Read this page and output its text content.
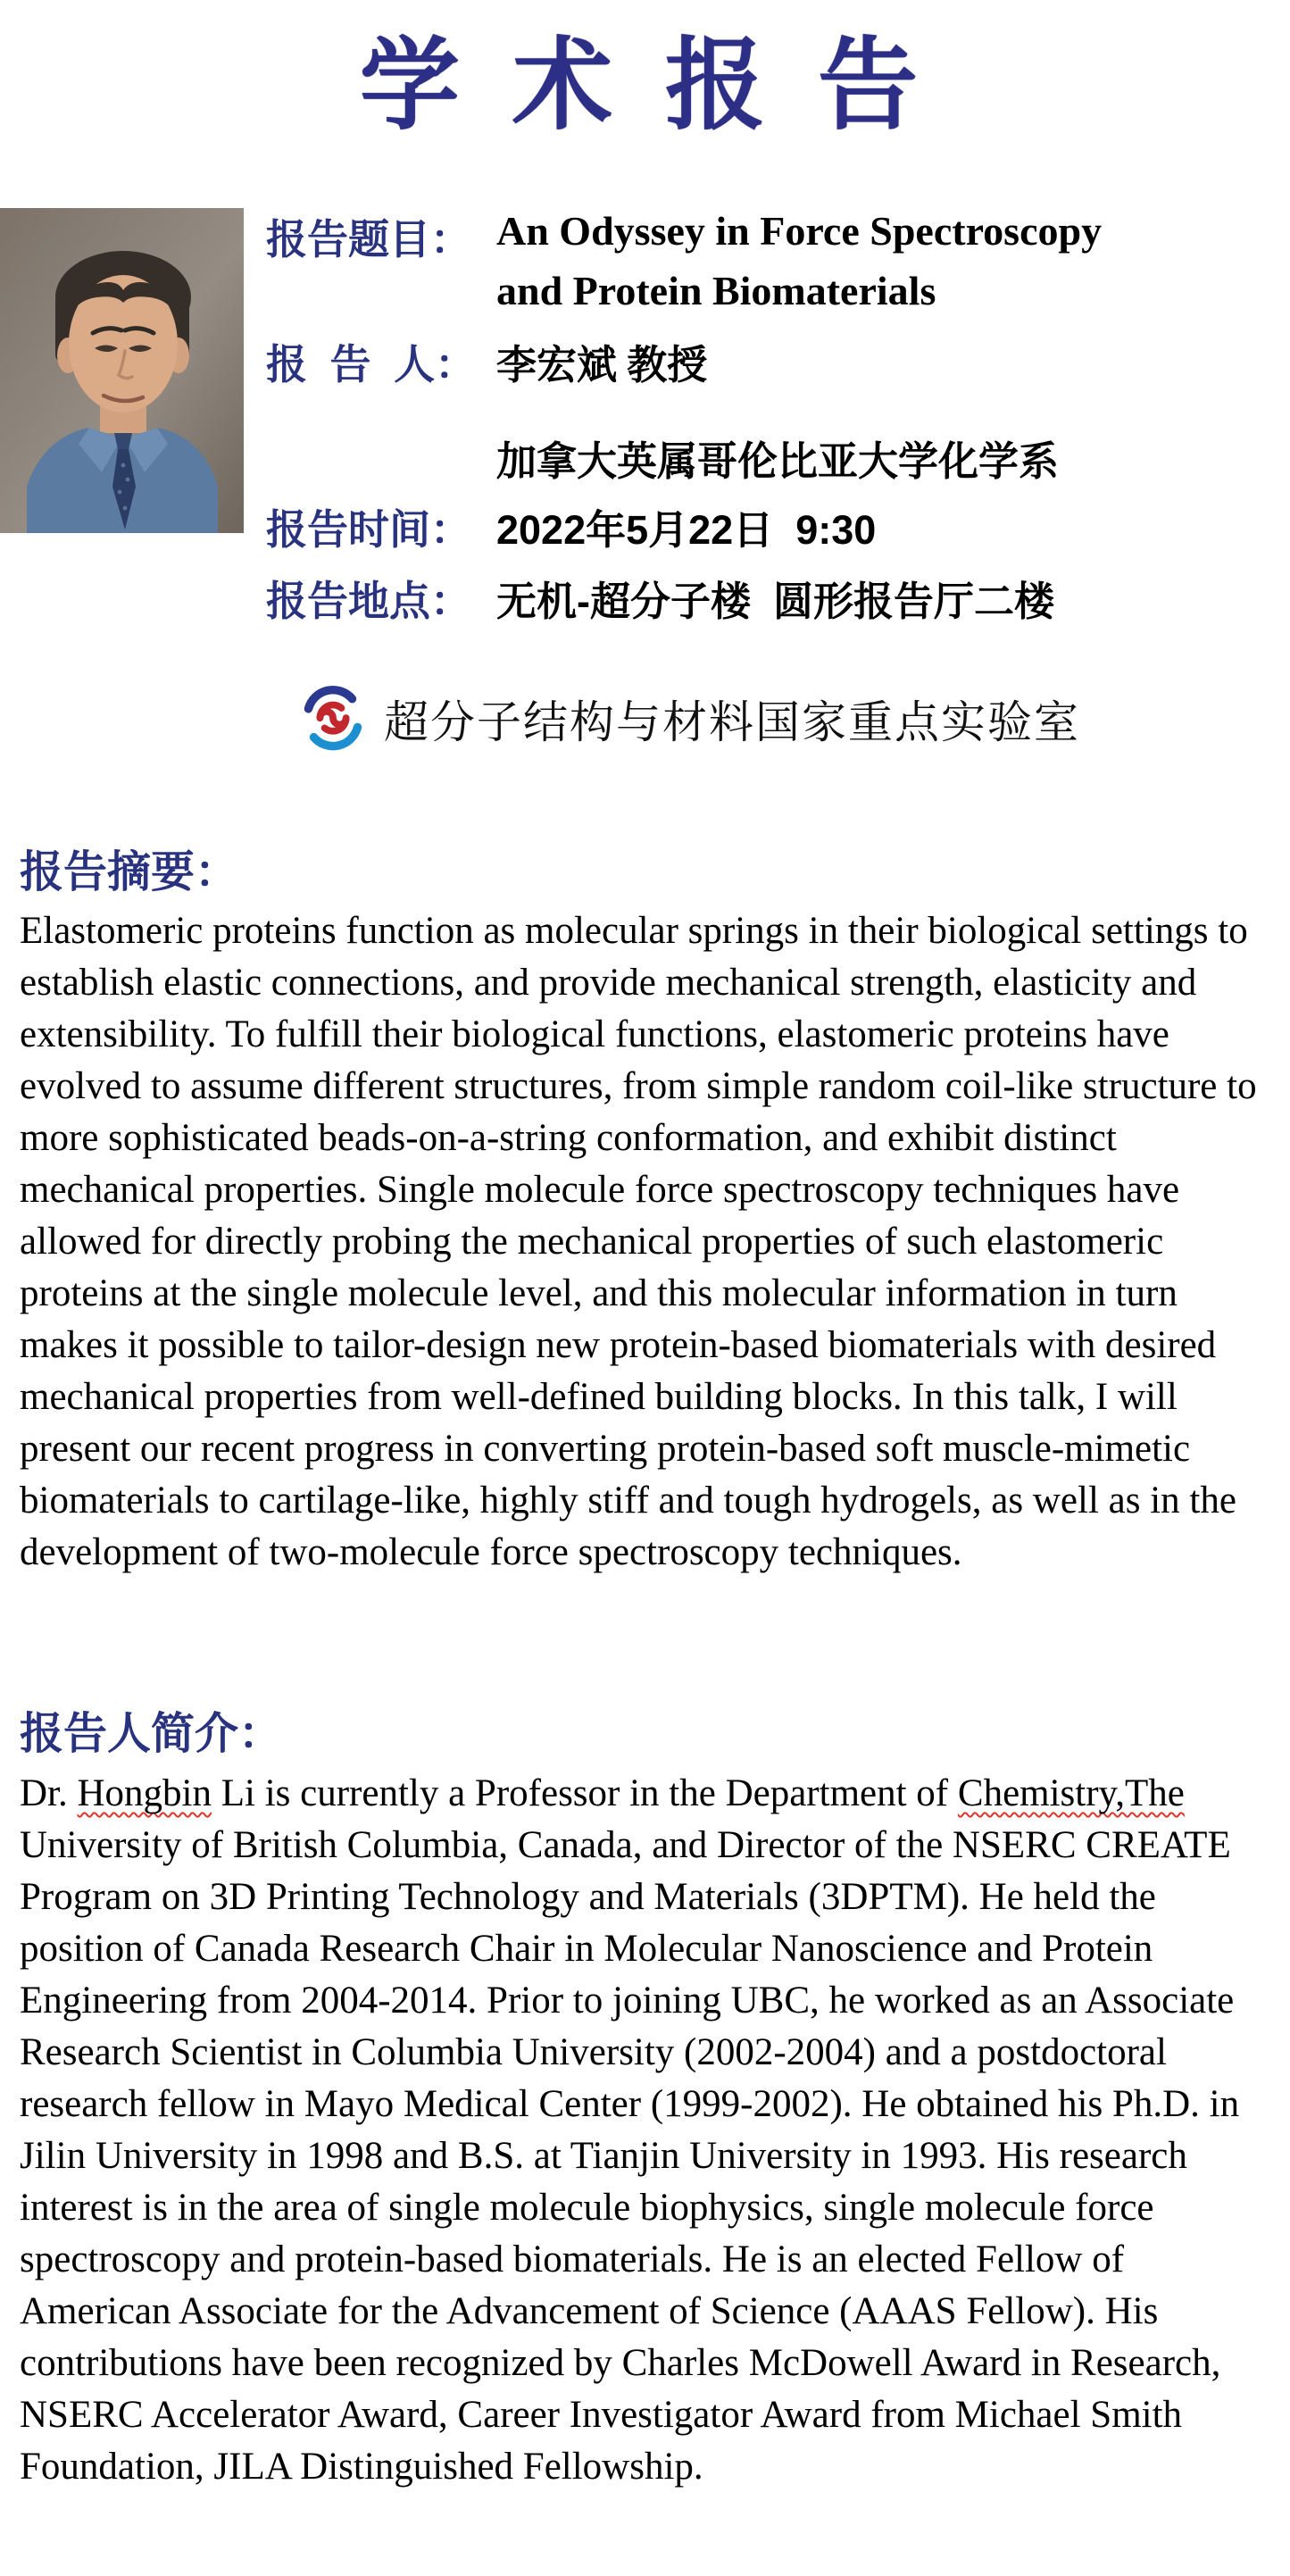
学 术 报 告
报告题目： An Odyssey in Force Spectroscopy
and Protein Biomaterials
报  告  人： 李宏斌 教授
加拿大英属哥伦比亚大学化学系
报告时间： 2022年5月22日  9:30
报告地点： 无机-超分子楼  圆形报告厅二楼
超分子结构与材料国家重点实验室
报告摘要：
Elastomeric proteins function as molecular springs in their biological settings to establish elastic connections, and provide mechanical strength, elasticity and extensibility. To fulfill their biological functions, elastomeric proteins have evolved to assume different structures, from simple random coil-like structure to more sophisticated beads-on-a-string conformation, and exhibit distinct mechanical properties. Single molecule force spectroscopy techniques have allowed for directly probing the mechanical properties of such elastomeric proteins at the single molecule level, and this molecular information in turn makes it possible to tailor-design new protein-based biomaterials with desired mechanical properties from well-defined building blocks. In this talk, I will present our recent progress in converting protein-based soft muscle-mimetic biomaterials to cartilage-like, highly stiff and tough hydrogels, as well as in the development of two-molecule force spectroscopy techniques.
报告人简介：
Dr. Hongbin Li is currently a Professor in the Department of Chemistry,The University of British Columbia, Canada, and Director of the NSERC CREATE Program on 3D Printing Technology and Materials (3DPTM). He held the position of Canada Research Chair in Molecular Nanoscience and Protein Engineering from 2004-2014. Prior to joining UBC, he worked as an Associate Research Scientist in Columbia University (2002-2004) and a postdoctoral research fellow in Mayo Medical Center (1999-2002). He obtained his Ph.D. in Jilin University in 1998 and B.S. at Tianjin University in 1993. His research interest is in the area of single molecule biophysics, single molecule force spectroscopy and protein-based biomaterials. He is an elected Fellow of American Associate for the Advancement of Science (AAAS Fellow). His contributions have been recognized by Charles McDowell Award in Research, NSERC Accelerator Award, Career Investigator Award from Michael Smith Foundation, JILA Distinguished Fellowship.
